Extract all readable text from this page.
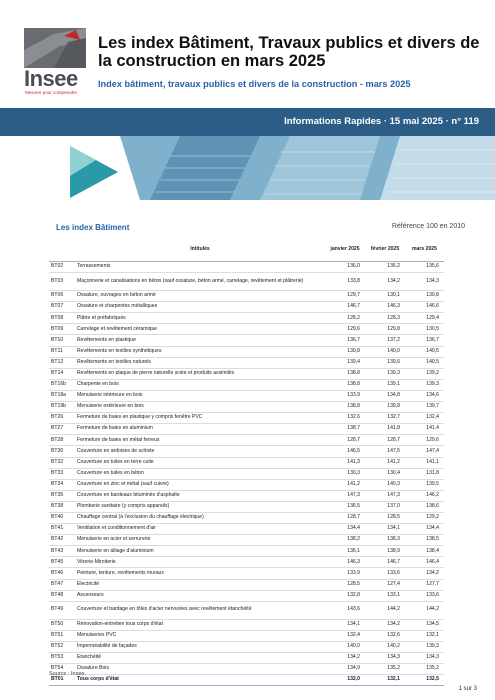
Insee
Mesurer pour comprendre
Les index Bâtiment, Travaux publics et divers de la construction en mars 2025
Index bâtiment, travaux publics et divers de la construction - mars 2025
Informations Rapides · 15 mai 2025 · n° 119
Les index Bâtiment	Référence 100 en 2010
	Intitulés	janvier 2025	février 2025	mars 2025
BT02	Terrassements	136,0	136,2	135,6
BT03	Maçonnerie et canalisations en béton (sauf ossature, béton armé, carrelage, revêtement et plâtrerie)	133,8	134,2	134,3
BT06	Ossature, ouvrages en béton armé	129,7	130,1	130,8
BT07	Ossature et charpentes métalliques	146,7	146,3	146,6
BT08	Plâtre et préfabriqués	128,2	128,3	129,4
BT09	Carrelage et revêtement céramique	129,6	129,8	130,5
BT10	Revêtements en plastique	136,7	137,2	136,7
BT11	Revêtements en textiles synthétiques	139,8	140,0	140,5
BT12	Revêtements en textiles naturels	139,4	139,6	140,5
BT14	Revêtements en plaque de pierre naturelle sciée et produits assimilés	138,8	139,3	139,2
BT16b	Charpente en bois	138,8	139,1	139,3
BT18a	Menuiserie intérieure en bois	133,9	134,8	134,6
BT19b	Menuiserie extérieure en bois	138,8	139,8	139,7
BT26	Fermeture de baies en plastique y compris fenêtre PVC	132,6	132,7	132,4
BT27	Fermeture de baies en aluminium	138,7	141,8	141,4
BT28	Fermeture de baies en métal ferreux	128,7	128,7	129,6
BT30	Couverture en ardoises de schiste	146,5	147,5	147,4
BT32	Couverture en tuiles en terre cuite	141,3	141,2	141,1
BT33	Couverture en tuiles en béton	130,3	130,4	131,8
BT34	Couverture en zinc et métal (sauf cuivre)	141,2	140,3	139,5
BT35	Couverture en bardeaux bituminés d'asphalte	147,3	147,3	146,2
BT38	Plomberie sanitaire (y compris appareils)	136,5	137,0	138,6
BT40	Chauffage central (à l'exclusion du chauffage électrique)	128,7	128,5	129,2
BT41	Ventilation et conditionnement d'air	134,4	134,1	134,4
BT42	Menuiserie en acier et serrurerie	138,2	138,3	138,5
BT43	Menuiserie en alliage d'aluminium	136,1	138,9	138,4
BT45	Vitrerie-Miroiterie	146,3	146,7	146,4
BT46	Peinture, tenture, revêtements muraux	133,9	133,6	134,2
BT47	Electricité	128,5	127,4	127,7
BT48	Ascenseurs	132,8	133,1	133,6
BT49	Couverture et bardage en tôles d'acier nervurées avec revêtement étanchéité	143,6	144,2	144,2
BT50	Rénovation-entretien tous corps d'état	134,1	134,2	134,5
BT51	Menuiseries PVC	132,4	132,6	132,1
BT52	Imperméabilité de façades	140,0	140,2	139,3
BT53	Etanchéité	134,2	134,3	134,3
BT54	Ossature Bois	134,9	135,2	135,2
BT01	Tous corps d'état	132,0	132,1	132,5
Source : Insee.
1 sur 3
